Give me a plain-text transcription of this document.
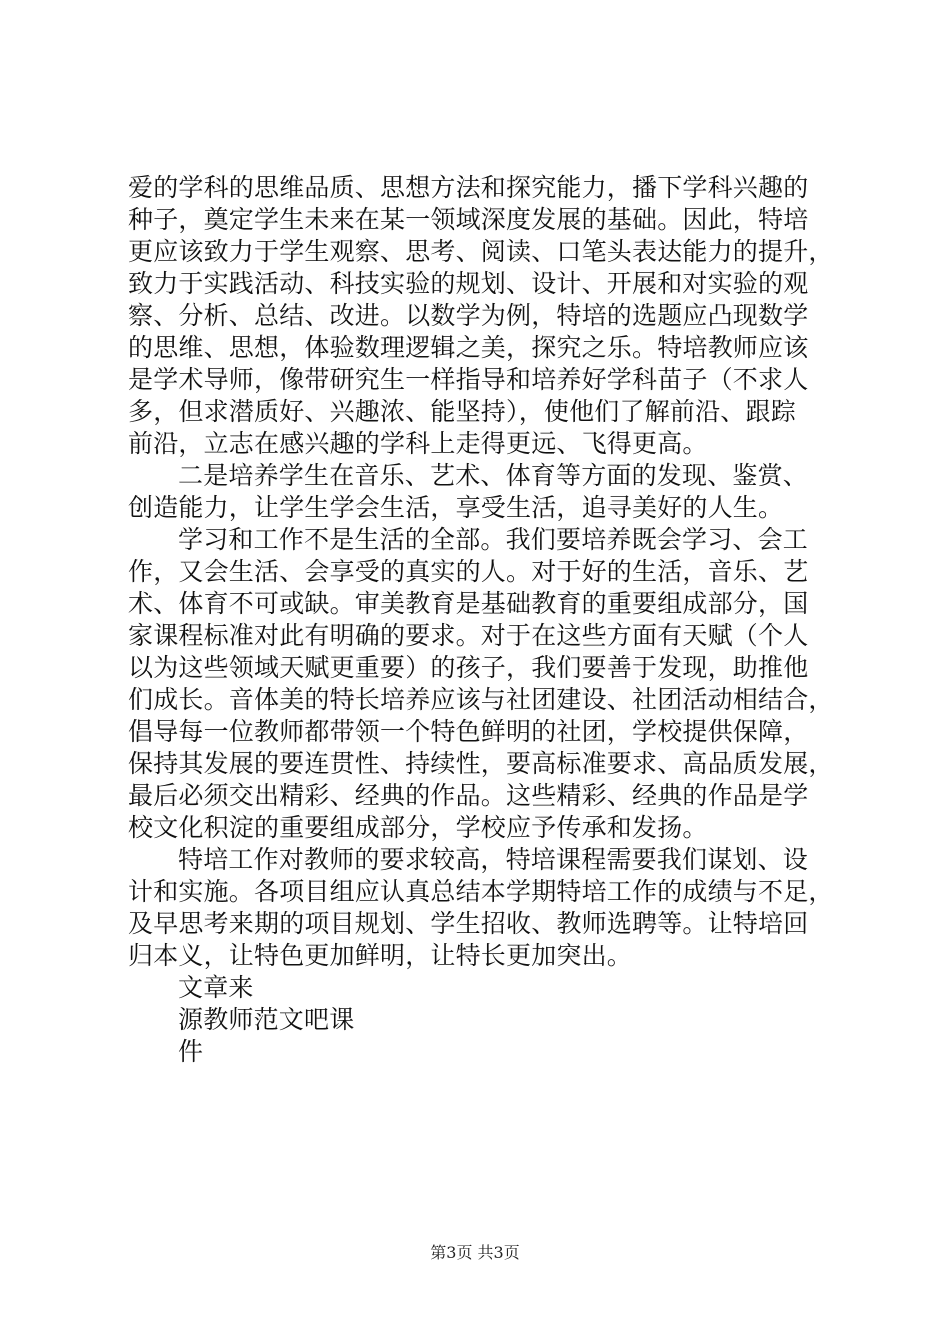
爱的学科的思维品质、思想方法和探究能力，播下学科兴趣的
种子，奠定学生未来在某一领域深度发展的基础。因此，特培
更应该致力于学生观察、思考、阅读、口笔头表达能力的提升，
致力于实践活动、科技实验的规划、设计、开展和对实验的观
察、分析、总结、改进。以数学为例，特培的选题应凸现数学
的思维、思想，体验数理逻辑之美，探究之乐。特培教师应该
是学术导师，像带研究生一样指导和培养好学科苗子（不求人
多，但求潜质好、兴趣浓、能坚持），使他们了解前沿、跟踪
前沿，立志在感兴趣的学科上走得更远、飞得更高。
二是培养学生在音乐、艺术、体育等方面的发现、鉴赏、
创造能力，让学生学会生活，享受生活，追寻美好的人生。
学习和工作不是生活的全部。我们要培养既会学习、会工
作，又会生活、会享受的真实的人。对于好的生活，音乐、艺
术、体育不可或缺。审美教育是基础教育的重要组成部分，国
家课程标准对此有明确的要求。对于在这些方面有天赋（个人
以为这些领域天赋更重要）的孩子，我们要善于发现，助推他
们成长。音体美的特长培养应该与社团建设、社团活动相结合，
倡导每一位教师都带领一个特色鲜明的社团，学校提供保障，
保持其发展的要连贯性、持续性，要高标准要求、高品质发展，
最后必须交出精彩、经典的作品。这些精彩、经典的作品是学
校文化积淀的重要组成部分，学校应予传承和发扬。
特培工作对教师的要求较高，特培课程需要我们谋划、设
计和实施。各项目组应认真总结本学期特培工作的成绩与不足，
及早思考来期的项目规划、学生招收、教师选聘等。让特培回
归本义，让特色更加鲜明，让特长更加突出。
文章来
源教师范文吧课
件
第3页 共3页
